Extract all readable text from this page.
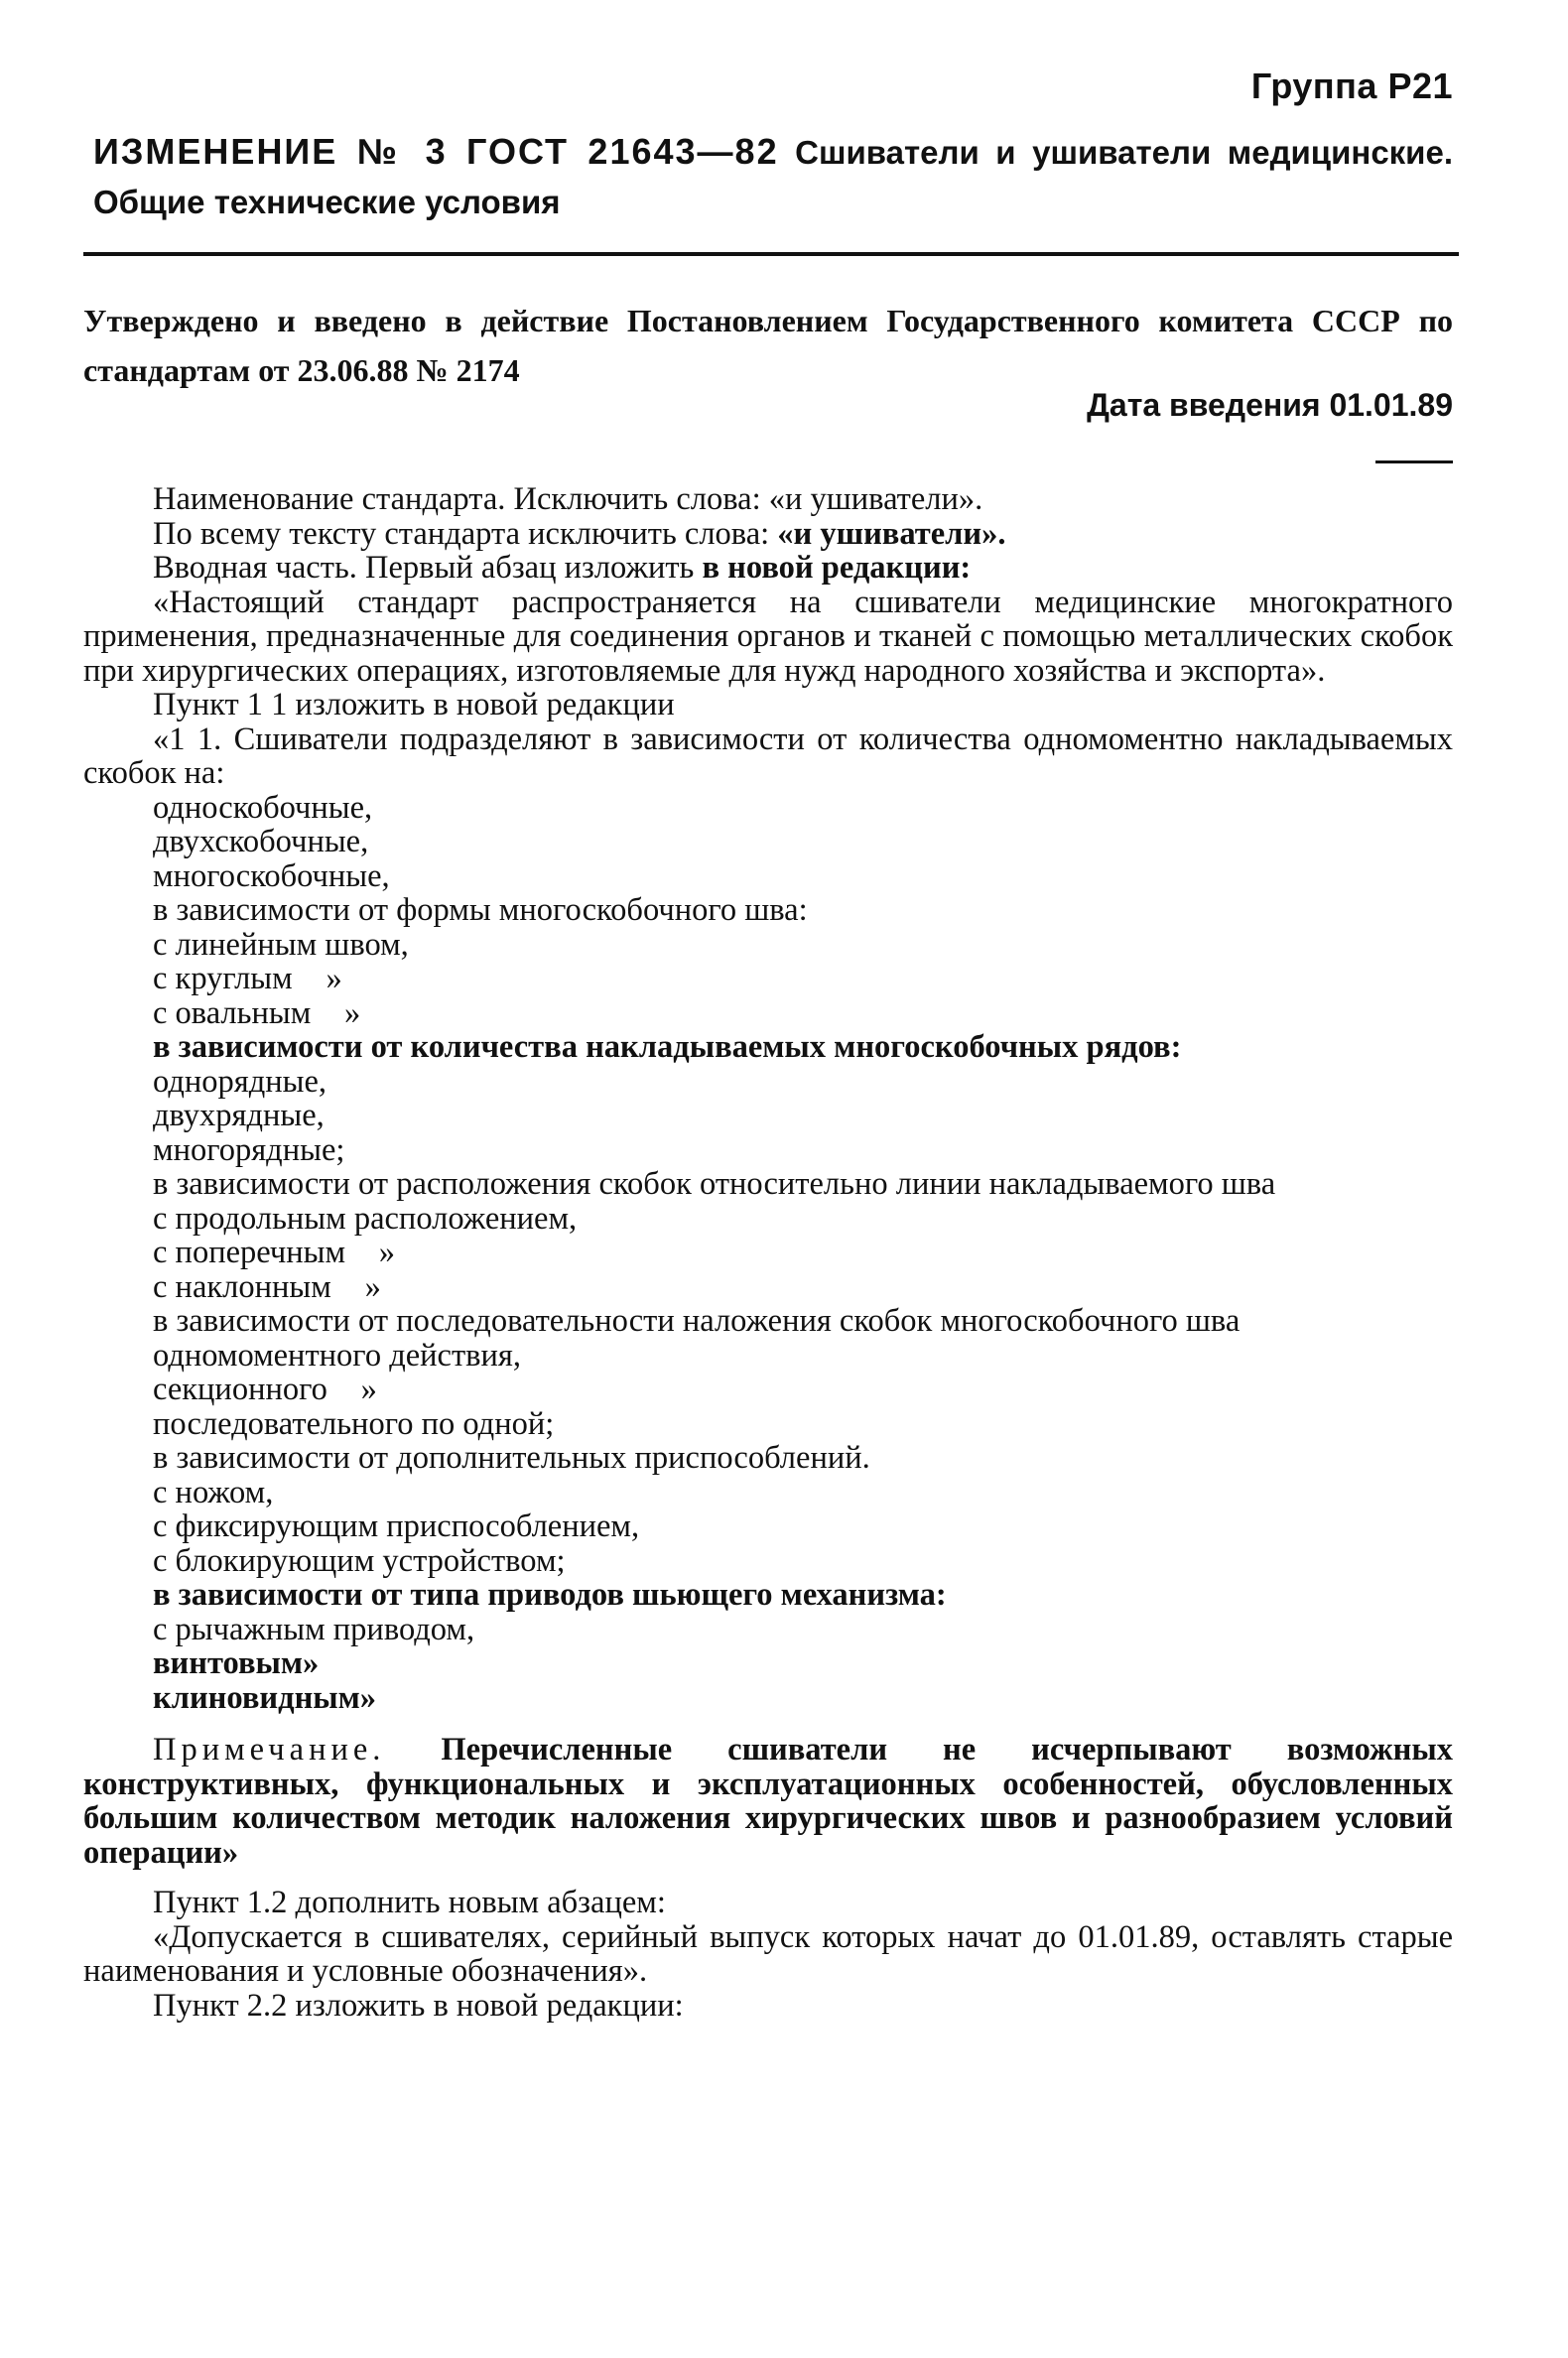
Группа Р21
ИЗМЕНЕНИЕ № 3 ГОСТ 21643—82 Сшиватели и ушиватели медицинские. Общие технические условия
Утверждено и введено в действие Постановлением Государственного комитета СССР по стандартам от 23.06.88 № 2174
Дата введения 01.01.89

Наименование стандарта. Исключить слова: «и ушиватели».

По всему тексту стандарта исключить слова: «и ушиватели».

Вводная часть. Первый абзац изложить в новой редакции:

«Настоящий стандарт распространяется на сшиватели медицинские многократного применения, предназначенные для соединения органов и тканей с помощью металлических скобок при хирургических операциях, изготовляемые для нужд народного хозяйства и экспорта».

Пункт 1 1 изложить в новой редакции

«1 1. Сшиватели подразделяют в зависимости от количества одномоментно накладываемых скобок на:

односкобочные,

двухскобочные,

многоскобочные,

в зависимости от формы многоскобочного шва:

с линейным швом,

с круглым »

с овальным »

в зависимости от количества накладываемых многоскобочных рядов:

однорядные,

двухрядные,

многорядные;

в зависимости от расположения скобок относительно линии накладываемого шва

с продольным расположением,

с поперечным »

с наклонным »

в зависимости от последовательности наложения скобок многоскобочного шва

одномоментного действия,

секционного »

последовательного по одной;

в зависимости от дополнительных приспособлений.

с ножом,

с фиксирующим приспособлением,

с блокирующим устройством;

в зависимости от типа приводов шьющего механизма:

с рычажным приводом,

винтовым»

клиновидным»

Примечание. Перечисленные сшиватели не исчерпывают возможных конструктивных, функциональных и эксплуатационных особенностей, обусловленных большим количеством методик наложения хирургических швов и разнообразием условий операции»

Пункт 1.2 дополнить новым абзацем:

«Допускается в сшивателях, серийный выпуск которых начат до 01.01.89, оставлять старые наименования и условные обозначения».

Пункт 2.2 изложить в новой редакции:
